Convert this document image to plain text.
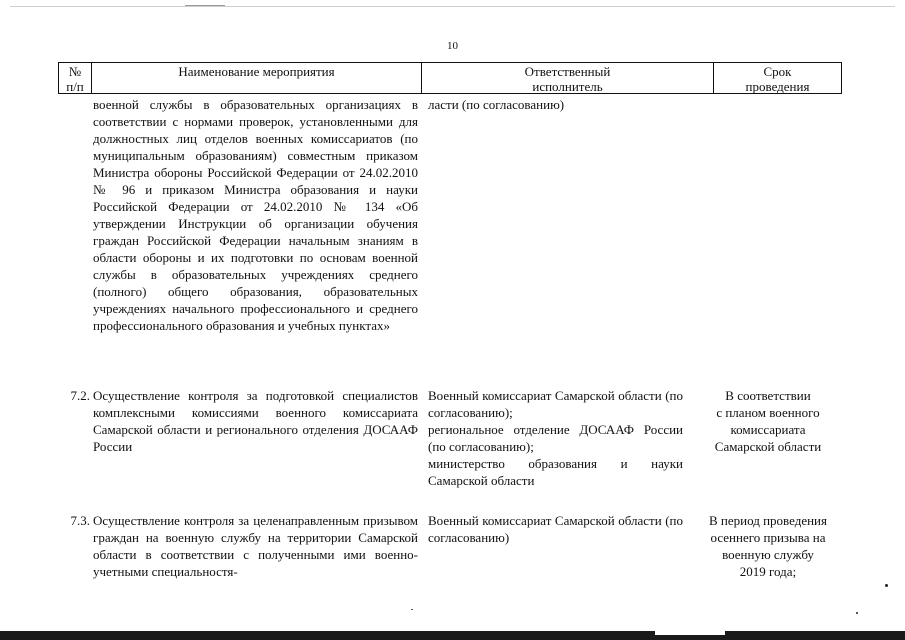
10
№
п/п
Наименование мероприятия	Ответственный
исполнитель
Срок
проведения
военной службы в образовательных организациях в соответствии с нормами проверок, установленными для должностных лиц отделов военных комиссариатов (по муниципальным образованиям) совместным приказом Министра обороны Российской Федерации от 24.02.2010 № 96 и приказом Министра образования и науки Российской Федерации от 24.02.2010 № 134 «Об утверждении Инструкции об организации обучения граждан Российской Федерации начальным знаниям в области обороны и их подготовки по основам военной службы в образовательных учреждениях среднего (полного) общего образования, образовательных учреждениях начального профессионального и среднего профессионального образования и учебных пунктах»
ласти (по согласованию)
7.2. Осуществление контроля за подготовкой специалистов комплексными комиссиями военного комиссариата Самарской области и регионального отделения ДОСААФ России

Военный комиссариат Самарской области (по согласованию);

региональное отделение ДОСААФ России (по согласованию);

министерство образования и науки Самарской области

В соответствии
с планом военного
комиссариата
Самарской области
7.3. Осуществление контроля за целенаправленным призывом граждан на военную службу на территории Самарской области в соответствии с полученными ими военно-учетными специальностя-

Военный комиссариат Самарской области (по согласованию)

В период проведения
осеннего призыва на
военную службу
2019 года;
